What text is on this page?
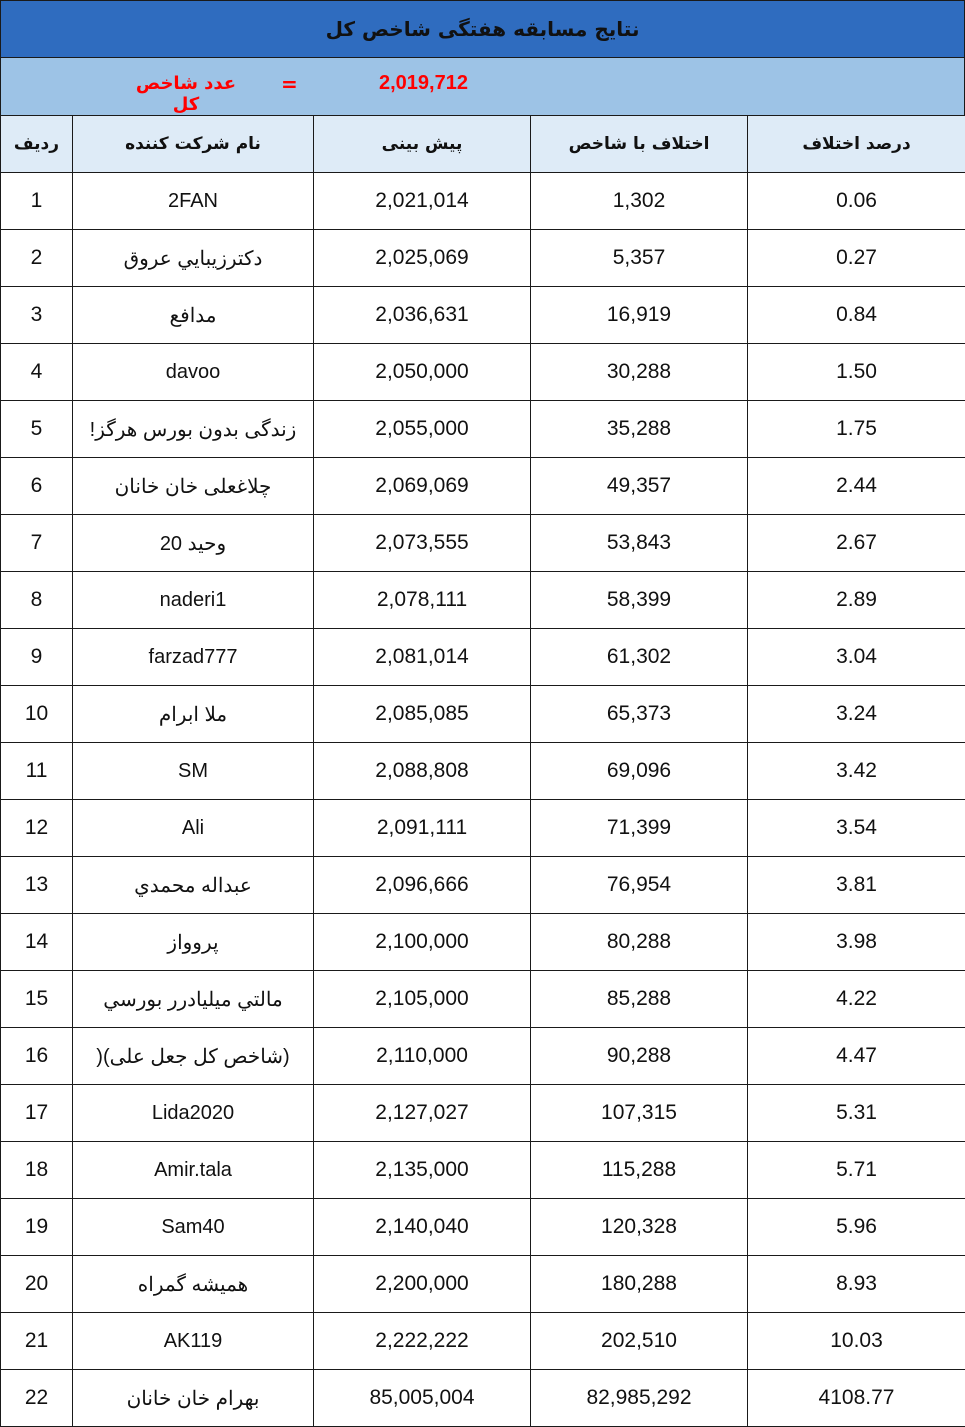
نتایج مسابقه هفتگی شاخص کل
عدد شاخص کل
=	2,019,712
ردیف	نام شرکت کننده	پیش بینی	اختلاف با شاخص	درصد اختلاف
1	2FAN	2,021,014	1,302	0.06
2	دکترزيبايي عروق	2,025,069	5,357	0.27
3	مدافع	2,036,631	16,919	0.84
4	davoo	2,050,000	30,288	1.50
5	زندگی بدون بورس هرگز!	2,055,000	35,288	1.75
6	چلاغعلی خان خانان	2,069,069	49,357	2.44
7	وحید 20	2,073,555	53,843	2.67
8	naderi1	2,078,111	58,399	2.89
9	farzad777	2,081,014	61,302	3.04
10	ملا ابرام	2,085,085	65,373	3.24
11	SM	2,088,808	69,096	3.42
12	Ali	2,091,111	71,399	3.54
13	عبداله محمدي	2,096,666	76,954	3.81
14	پروواز	2,100,000	80,288	3.98
15	مالتي ميليادرر بورسي	2,105,000	85,288	4.22
16	(شاخص کل جعل علی)(	2,110,000	90,288	4.47
17	Lida2020	2,127,027	107,315	5.31
18	Amir.tala	2,135,000	115,288	5.71
19	Sam40	2,140,040	120,328	5.96
20	همیشه گمراه	2,200,000	180,288	8.93
21	AK119	2,222,222	202,510	10.03
22	بهرام خان خانان	85,005,004	82,985,292	4108.77
